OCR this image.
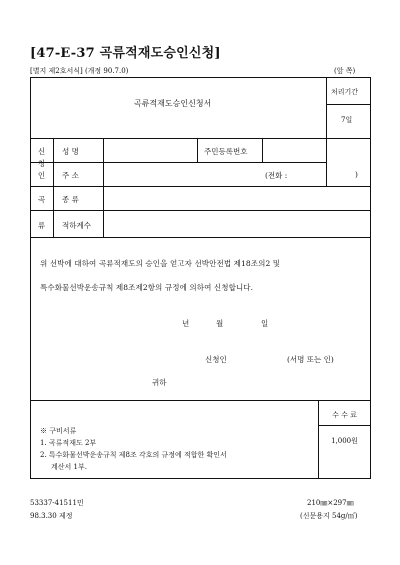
[47-E-37 곡류적재도승인신청]
[별지 제2호서식] (개정 90.7.0)	(앞 쪽)
곡류적재도승인신청서
처리기간
7일
신
청
인
성 명	주민등록번호
주 소	(전화 :	)
곡
류
종 류
적하계수
위 선박에 대하여 곡류적재도의 승인을 얻고자 선박안전법 제18조의2 및
특수화물선박운송규칙 제8조제2항의 규정에 의하여 신청합니다.
년	월	일
신청인	(서명 또는 인)
귀하
※ 구비서류
1. 곡류적재도 2부
2. 특수화물선박운송규칙 제8조 각호의 규정에 적합한 확인서
계산서 1부.
수 수 료
1,000원
53337-41511민
98.3.30 제정
210㎜×297㎜
(신문용지 54g/㎡)
